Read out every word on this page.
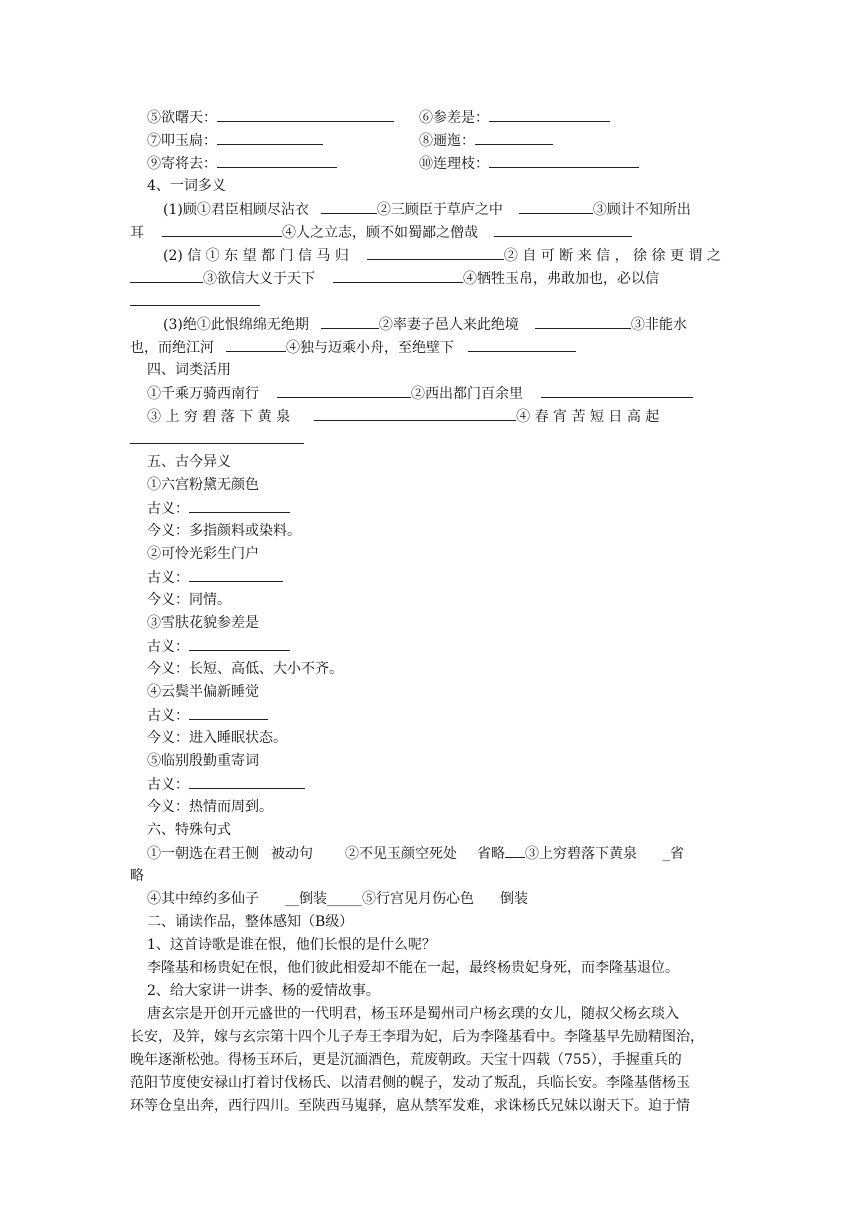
⑤欲曙天：	⑥参差是：
⑦叩玉扃：	⑧逦迤：
⑨寄将去：	⑩连理枝：
4、一词多义
(1)顾①君臣相顾尽沾衣	②三顾臣于草庐之中	③顾计不知所出
耳	④人之立志，顾不如蜀鄙之僧哉
(2) 信 ① 东 望 都 门 信 马 归	② 自 可 断 来 信 ， 徐 徐 更 谓 之
③欲信大义于天下	④牺牲玉帛，弗敢加也，必以信
(3)绝①此恨绵绵无绝期	②率妻子邑人来此绝境	③非能水
也，而绝江河	④独与迈乘小舟，至绝壁下
四、词类活用
①千乘万骑西南行	②西出都门百余里
③ 上 穷 碧 落 下 黄 泉	④ 春 宵 苦 短 日 高 起
五、古今异义
①六宫粉黛无颜色
古义：
今义：多指颜料或染料。
②可怜光彩生门户
古义：
今义：同情。
③雪肤花貌参差是
古义：
今义：长短、高低、大小不齐。
④云鬓半偏新睡觉
古义：
今义：进入睡眠状态。
⑤临别殷勤重寄词
古义：
今义：热情而周到。
六、特殊句式
①一朝选在君王侧 被动句 ②不见玉颜空死处 省略 ③上穷碧落下黄泉 _省
略
④其中绰约多仙子 __倒装_____⑤行宫见月伤心色 倒装
二、诵读作品，整体感知（B级）
1、这首诗歌是谁在恨，他们长恨的是什么呢？
李隆基和杨贵妃在恨，他们彼此相爱却不能在一起，最终杨贵妃身死，而李隆基退位。
2、给大家讲一讲李、杨的爱情故事。
唐玄宗是开创开元盛世的一代明君，杨玉环是蜀州司户杨玄璞的女儿，随叔父杨玄琰入
长安，及笄，嫁与玄宗第十四个儿子寿王李瑁为妃，后为李隆基看中。李隆基早先励精图治，
晚年逐渐松弛。得杨玉环后，更是沉湎酒色，荒废朝政。天宝十四载（755），手握重兵的
范阳节度使安禄山打着讨伐杨氏、以清君侧的幌子，发动了叛乱，兵临长安。李隆基偕杨玉
环等仓皇出奔，西行四川。至陕西马嵬驿，扈从禁军发难，求诛杨氏兄妹以谢天下。迫于情
